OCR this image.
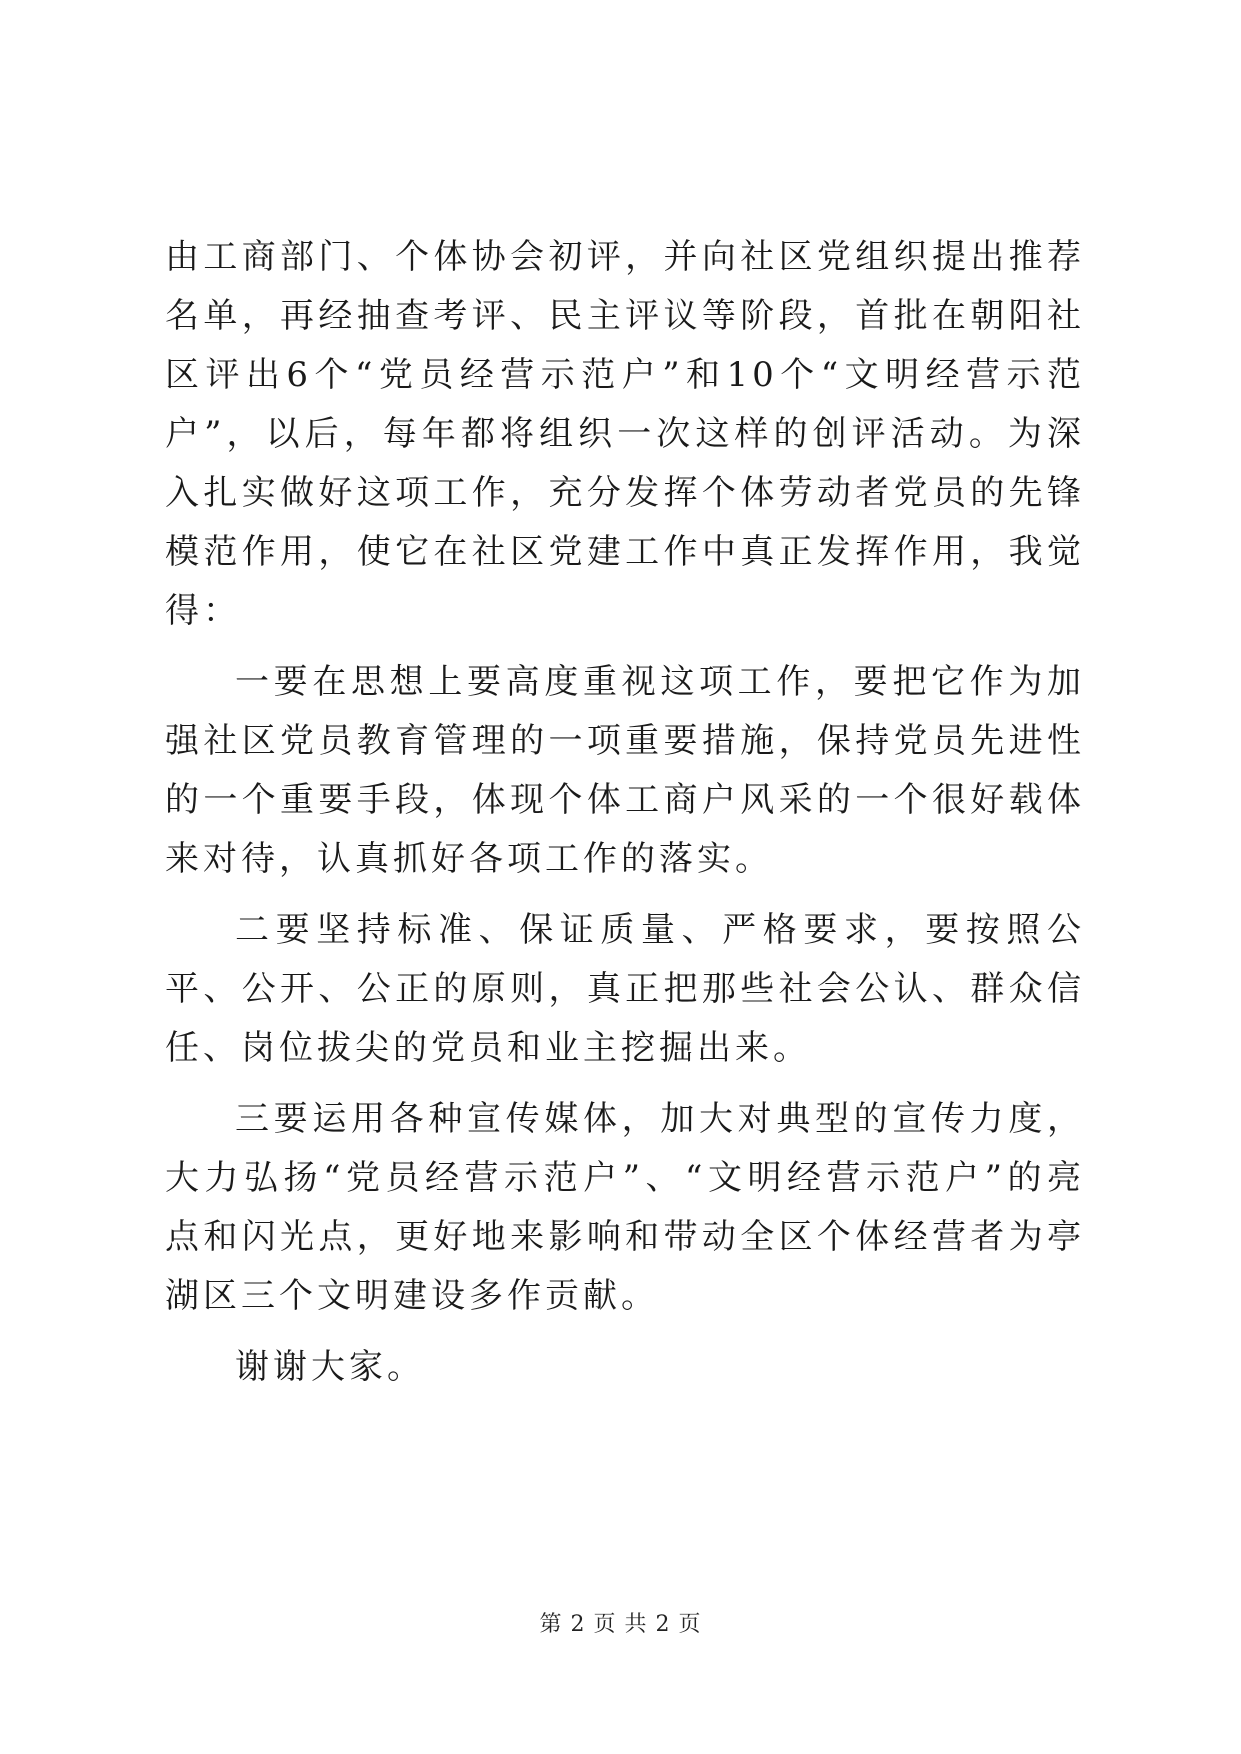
由工商部门、个体协会初评，并向社区党组织提出推荐名单，再经抽查考评、民主评议等阶段，首批在朝阳社区评出6个“党员经营示范户”和10个“文明经营示范户”，以后，每年都将组织一次这样的创评活动。为深入扎实做好这项工作，充分发挥个体劳动者党员的先锋模范作用，使它在社区党建工作中真正发挥作用，我觉得：

一要在思想上要高度重视这项工作，要把它作为加强社区党员教育管理的一项重要措施，保持党员先进性的一个重要手段，体现个体工商户风采的一个很好载体来对待，认真抓好各项工作的落实。

二要坚持标准、保证质量、严格要求，要按照公平、公开、公正的原则，真正把那些社会公认、群众信任、岗位拔尖的党员和业主挖掘出来。

三要运用各种宣传媒体，加大对典型的宣传力度，大力弘扬“党员经营示范户”、“文明经营示范户”的亮点和闪光点，更好地来影响和带动全区个体经营者为亭湖区三个文明建设多作贡献。

谢谢大家。

第 2 页 共 2 页
